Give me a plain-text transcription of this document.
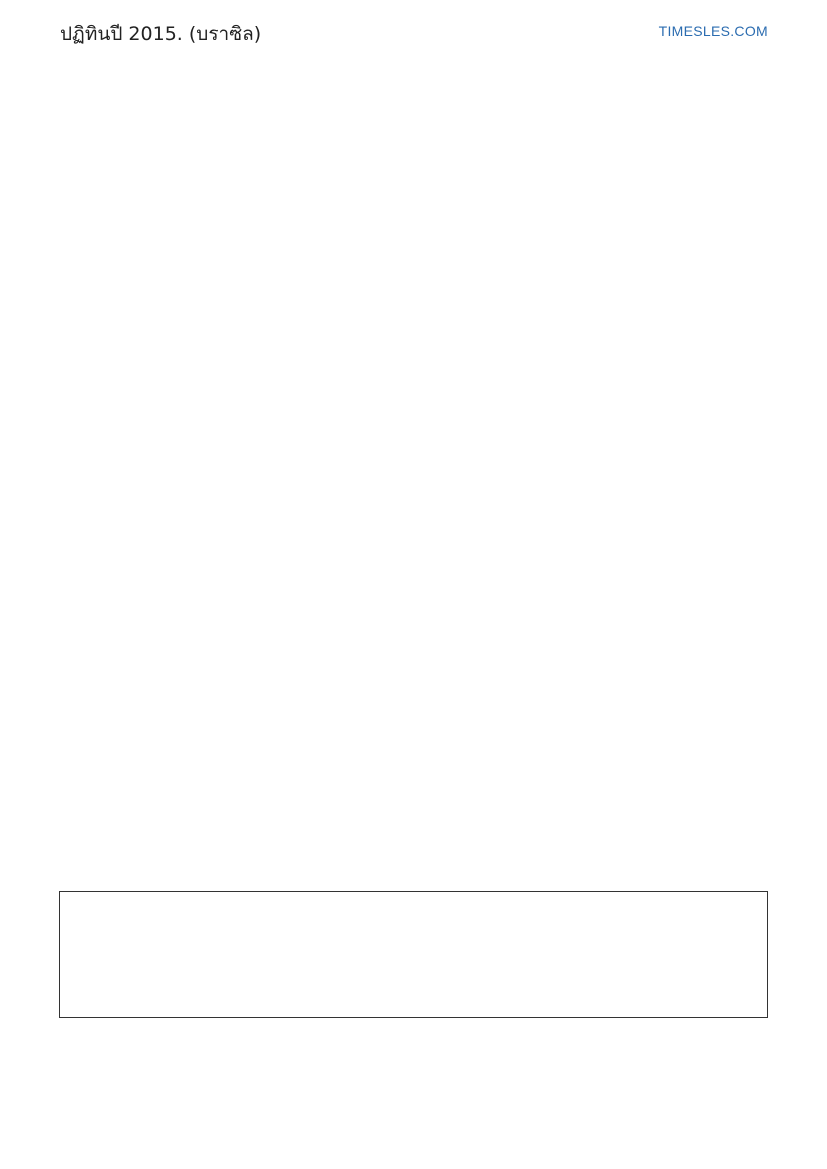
ปฏิทินปี 2015. (บราซิล)	TIMESLES.COM
